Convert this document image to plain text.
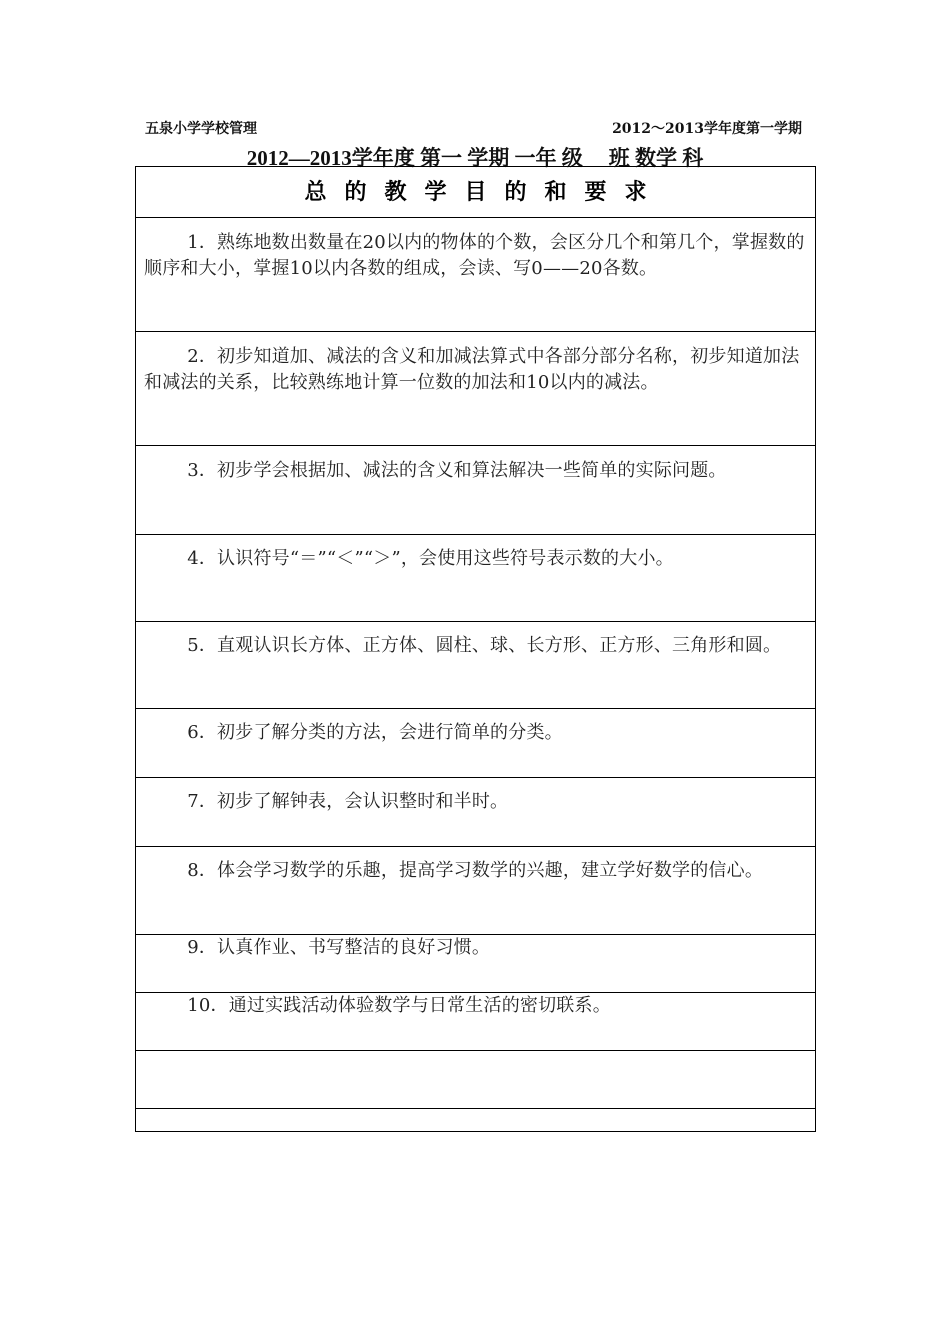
五泉小学学校管理	2012～2013学年度第一学期
2012—2013学年度 第一 学期 一年 级 班 数学 科
总的教学目的和要求

1．熟练地数出数量在20以内的物体的个数，会区分几个和第几个，掌握数的顺序和大小，掌握10以内各数的组成，会读、写0——20各数。

2．初步知道加、减法的含义和加减法算式中各部分部分名称，初步知道加法和减法的关系，比较熟练地计算一位数的加法和10以内的减法。

3．初步学会根据加、减法的含义和算法解决一些简单的实际问题。

4．认识符号“＝”“＜”“＞”，会使用这些符号表示数的大小。

5．直观认识长方体、正方体、圆柱、球、长方形、正方形、三角形和圆。

6．初步了解分类的方法，会进行简单的分类。

7．初步了解钟表，会认识整时和半时。

8．体会学习数学的乐趣，提高学习数学的兴趣，建立学好数学的信心。

9．认真作业、书写整洁的良好习惯。

10．通过实践活动体验数学与日常生活的密切联系。
